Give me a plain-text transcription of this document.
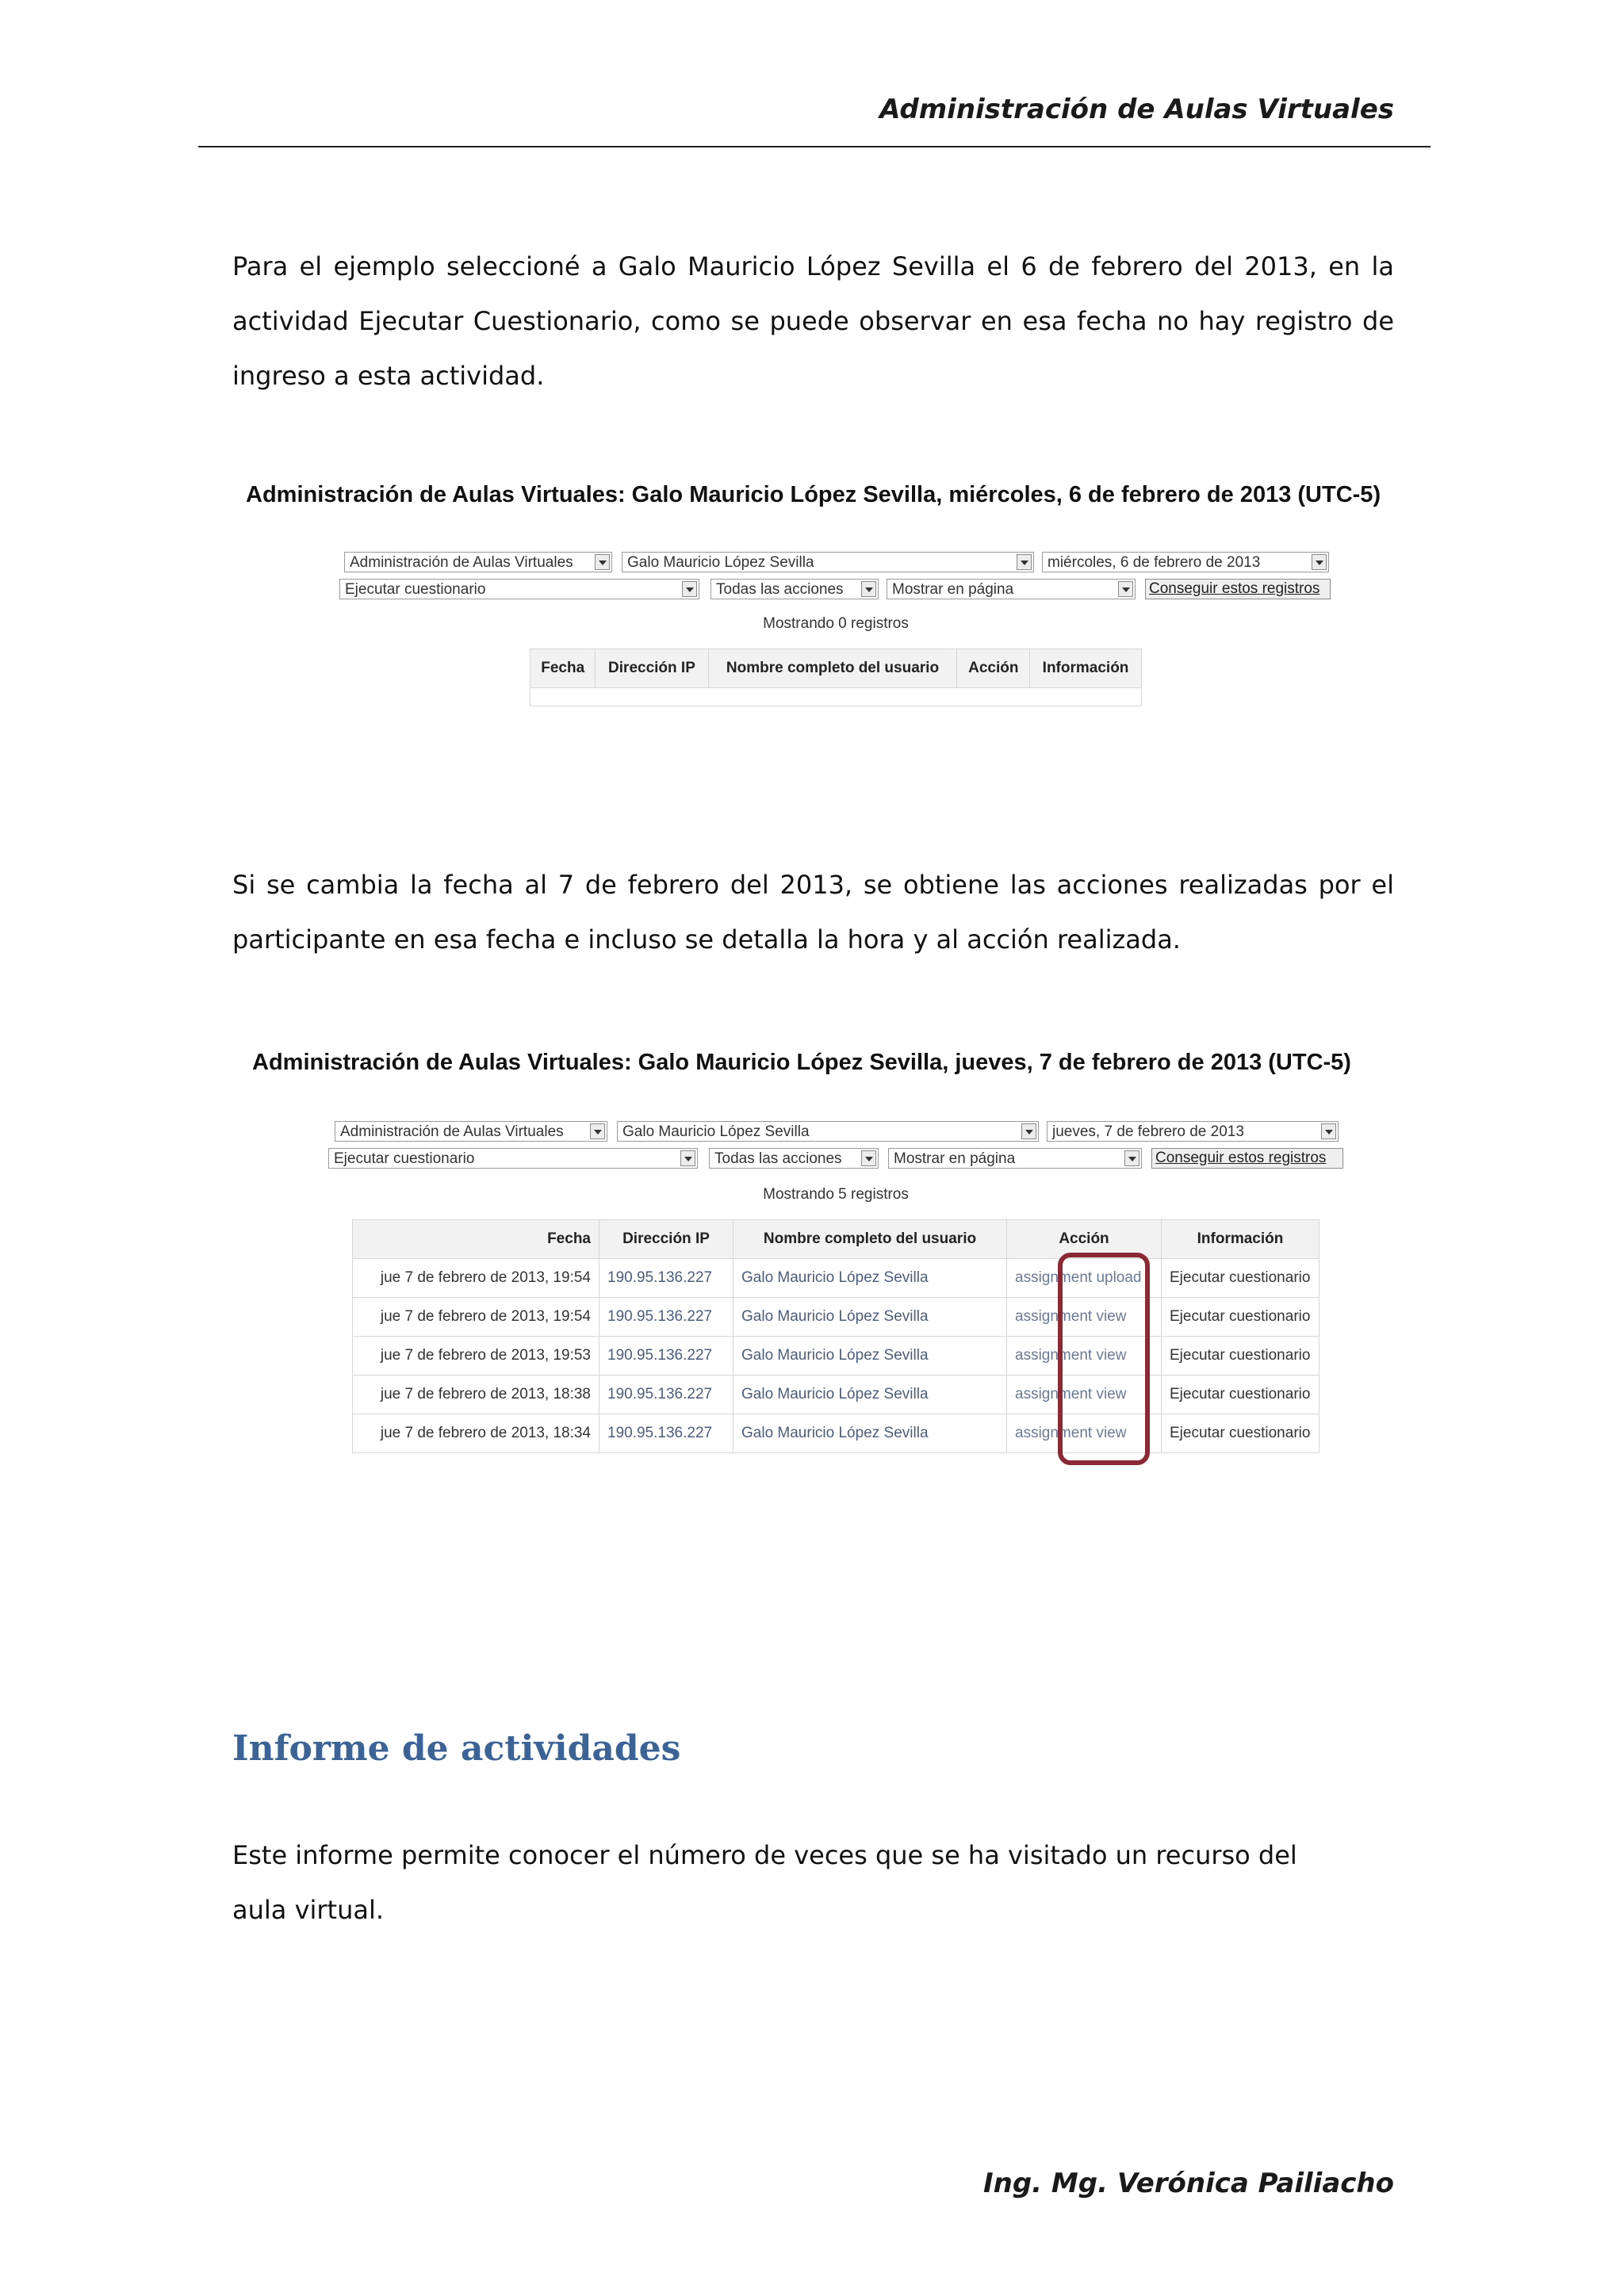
Administración de Aulas Virtuales
Para el ejemplo seleccioné a Galo Mauricio López Sevilla el 6 de febrero del 2013, en la actividad Ejecutar Cuestionario, como se puede observar en esa fecha no hay registro de ingreso a esta actividad.
Administración de Aulas Virtuales: Galo Mauricio López Sevilla, miércoles, 6 de febrero de 2013 (UTC-5)
Administración de Aulas Virtuales	Galo Mauricio López Sevilla	miércoles, 6 de febrero de 2013
Ejecutar cuestionario	Todas las acciones	Mostrar en página	Conseguir estos registros
Mostrando 0 registros
Fecha	Dirección IP	Nombre completo del usuario	Acción	Información

Si se cambia la fecha al 7 de febrero del 2013, se obtiene las acciones realizadas por el participante en esa fecha e incluso se detalla la hora y al acción realizada.
Administración de Aulas Virtuales: Galo Mauricio López Sevilla, jueves, 7 de febrero de 2013 (UTC-5)
Administración de Aulas Virtuales	Galo Mauricio López Sevilla	jueves, 7 de febrero de 2013
Ejecutar cuestionario	Todas las acciones	Mostrar en página	Conseguir estos registros
Mostrando 5 registros
Fecha	Dirección IP	Nombre completo del usuario	Acción	Información
jue 7 de febrero de 2013, 19:54	190.95.136.227	Galo Mauricio López Sevilla	assignment upload	Ejecutar cuestionario
jue 7 de febrero de 2013, 19:54	190.95.136.227	Galo Mauricio López Sevilla	assignment view	Ejecutar cuestionario
jue 7 de febrero de 2013, 19:53	190.95.136.227	Galo Mauricio López Sevilla	assignment view	Ejecutar cuestionario
jue 7 de febrero de 2013, 18:38	190.95.136.227	Galo Mauricio López Sevilla	assignment view	Ejecutar cuestionario
jue 7 de febrero de 2013, 18:34	190.95.136.227	Galo Mauricio López Sevilla	assignment view	Ejecutar cuestionario
Informe de actividades
Este informe permite conocer el número de veces que se ha visitado un recurso del aula virtual.
Ing. Mg. Verónica Pailiacho
